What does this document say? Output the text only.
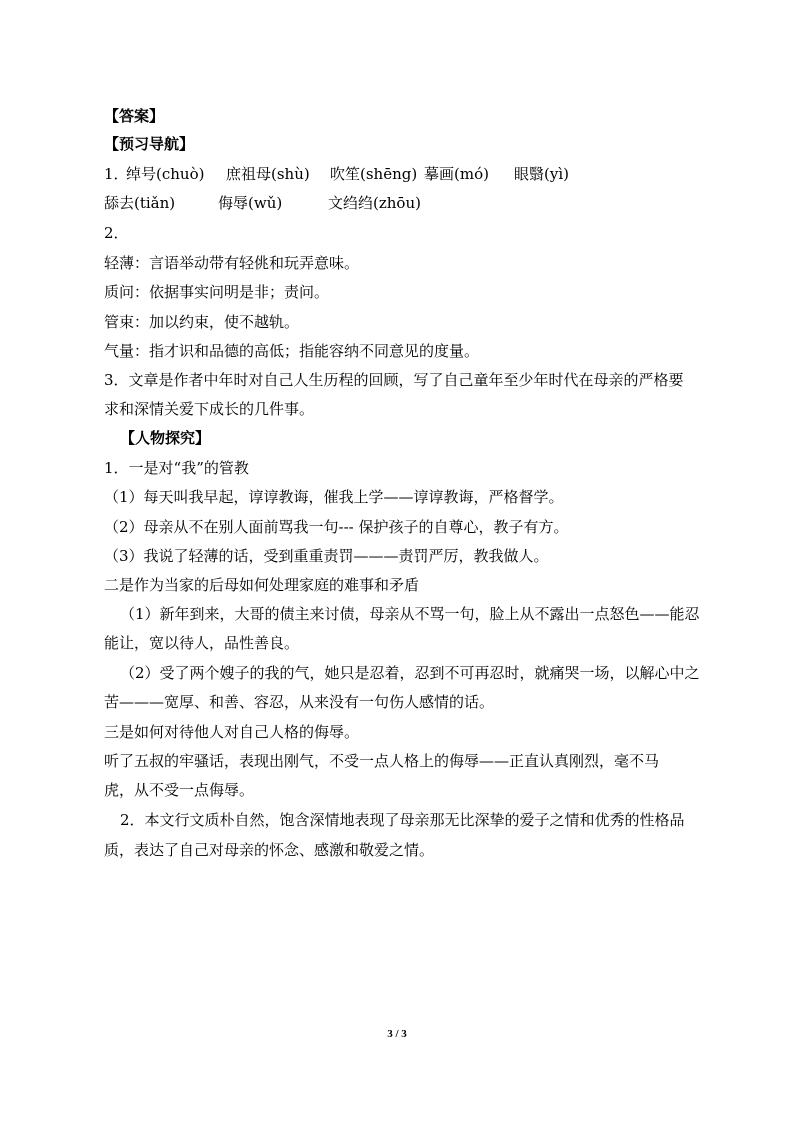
【答案】
【预习导航】
1．
绰号(chuò) 庶祖母(shù) 吹笙(shēng) 摹画(mó) 眼翳(yì)
舔去(tiǎn)	侮辱(wǔ)	文绉绉(zhōu)
2．
轻薄：言语举动带有轻佻和玩弄意味。
质问：依据事实问明是非；责问。
管束：加以约束，使不越轨。
气量：指才识和品德的高低；指能容纳不同意见的度量。
3．文章是作者中年时对自己人生历程的回顾，写了自己童年至少年时代在母亲的严格要
求和深情关爱下成长的几件事。
【人物探究】
1．一是对“我”的管教
（1）每天叫我早起，谆谆教诲，催我上学——谆谆教诲，严格督学。
（2）母亲从不在别人面前骂我一句--- 保护孩子的自尊心，教子有方。
（3）我说了轻薄的话，受到重重责罚———责罚严厉，教我做人。
二是作为当家的后母如何处理家庭的难事和矛盾
（1）新年到来，大哥的债主来讨债，母亲从不骂一句，脸上从不露出一点怒色——能忍
能让，宽以待人，品性善良。
（2）受了两个嫂子的我的气，她只是忍着，忍到不可再忍时，就痛哭一场，以解心中之
苦———宽厚、和善、容忍，从来没有一句伤人感情的话。
三是如何对待他人对自己人格的侮辱。
听了五叔的牢骚话，表现出刚气，不受一点人格上的侮辱——正直认真刚烈，毫不马
虎，从不受一点侮辱。
2．本文行文质朴自然，饱含深情地表现了母亲那无比深挚的爱子之情和优秀的性格品
质，表达了自己对母亲的怀念、感激和敬爱之情。
3 / 3
